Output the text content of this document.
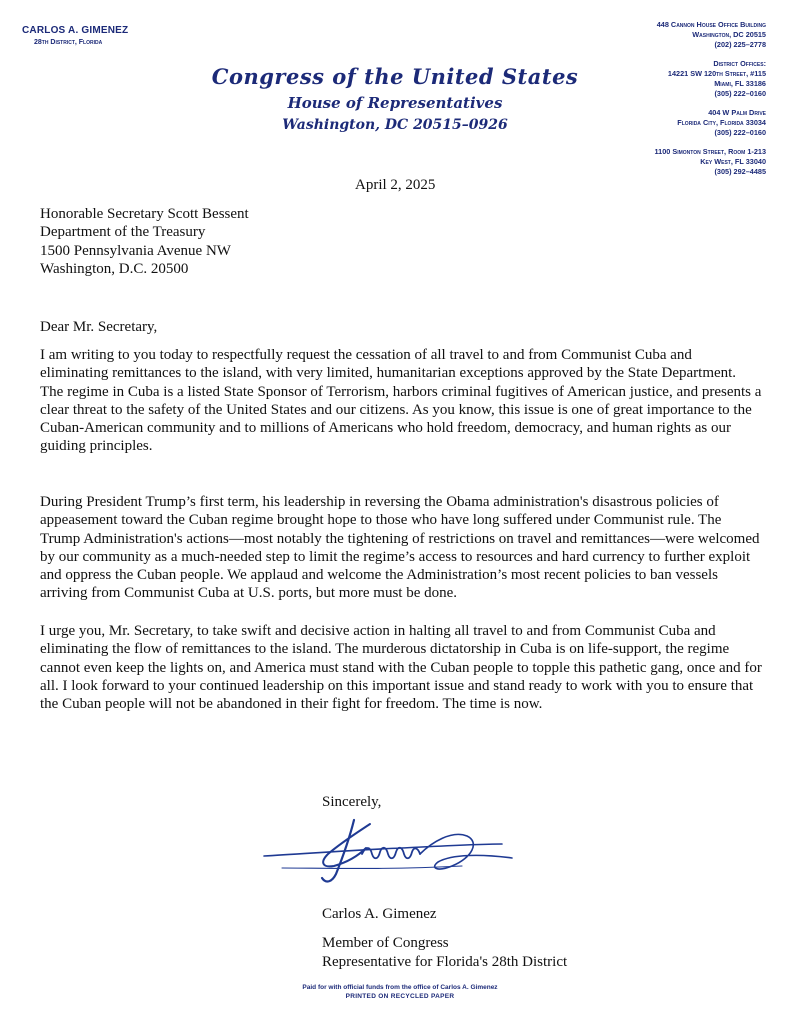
CARLOS A. GIMENEZ
28th District, Florida
Congress of the United States
House of Representatives
Washington, DC 20515–0926
448 Cannon House Office Building
Washington, DC 20515
(202) 225–2778
District Offices:
14221 SW 120th Street, #115
Miami, FL 33186
(305) 222–0160
404 W Palm Drive
Florida City, Florida 33034
(305) 222–0160
1100 Simonton Street, Room 1-213
Key West, FL 33040
(305) 292–4485
April 2, 2025
Honorable Secretary Scott Bessent
Department of the Treasury
1500 Pennsylvania Avenue NW
Washington, D.C. 20500
Dear Mr. Secretary,
I am writing to you today to respectfully request the cessation of all travel to and from Communist Cuba and eliminating remittances to the island, with very limited, humanitarian exceptions approved by the State Department. The regime in Cuba is a listed State Sponsor of Terrorism, harbors criminal fugitives of American justice, and presents a clear threat to the safety of the United States and our citizens. As you know, this issue is one of great importance to the Cuban-American community and to millions of Americans who hold freedom, democracy, and human rights as our guiding principles.
During President Trump’s first term, his leadership in reversing the Obama administration's disastrous policies of appeasement toward the Cuban regime brought hope to those who have long suffered under Communist rule. The Trump Administration's actions—most notably the tightening of restrictions on travel and remittances—were welcomed by our community as a much-needed step to limit the regime’s access to resources and hard currency to further exploit and oppress the Cuban people. We applaud and welcome the Administration’s most recent policies to ban vessels arriving from Communist Cuba at U.S. ports, but more must be done.
I urge you, Mr. Secretary, to take swift and decisive action in halting all travel to and from Communist Cuba and eliminating the flow of remittances to the island. The murderous dictatorship in Cuba is on life-support, the regime cannot even keep the lights on, and America must stand with the Cuban people to topple this pathetic gang, once and for all. I look forward to your continued leadership on this important issue and stand ready to work with you to ensure that the Cuban people will not be abandoned in their fight for freedom. The time is now.
Sincerely,
Carlos A. Gimenez
Member of Congress
Representative for Florida's 28th District
Paid for with official funds from the office of Carlos A. Gimenez
PRINTED ON RECYCLED PAPER
